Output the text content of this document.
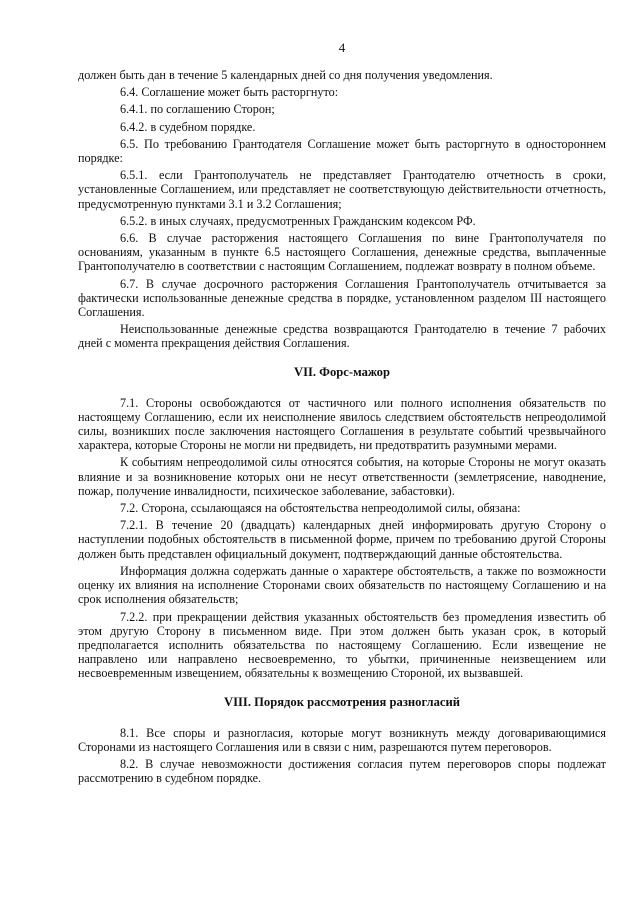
4

должен быть дан в течение 5 календарных дней со дня получения уведомления.

6.4. Соглашение может быть расторгнуто:

6.4.1. по соглашению Сторон;

6.4.2. в судебном порядке.

6.5. По требованию Грантодателя Соглашение может быть расторгнуто в одностороннем порядке:

6.5.1. если Грантополучатель не представляет Грантодателю отчетность в сроки, установленные Соглашением, или представляет не соответствующую действительности отчетность, предусмотренную пунктами 3.1 и 3.2 Соглашения;

6.5.2. в иных случаях, предусмотренных Гражданским кодексом РФ.

6.6. В случае расторжения настоящего Соглашения по вине Грантополучателя по основаниям, указанным в пункте 6.5 настоящего Соглашения, денежные средства, выплаченные Грантополучателю в соответствии с настоящим Соглашением, подлежат возврату в полном объеме.

6.7. В случае досрочного расторжения Соглашения Грантополучатель отчитывается за фактически использованные денежные средства в порядке, установленном разделом III настоящего Соглашения.

Неиспользованные денежные средства возвращаются Грантодателю в течение 7 рабочих дней с момента прекращения действия Соглашения.

VII. Форс-мажор

7.1. Стороны освобождаются от частичного или полного исполнения обязательств по настоящему Соглашению, если их неисполнение явилось следствием обстоятельств непреодолимой силы, возникших после заключения настоящего Соглашения в результате событий чрезвычайного характера, которые Стороны не могли ни предвидеть, ни предотвратить разумными мерами.

К событиям непреодолимой силы относятся события, на которые Стороны не могут оказать влияние и за возникновение которых они не несут ответственности (землетрясение, наводнение, пожар, получение инвалидности, психическое заболевание, забастовки).

7.2. Сторона, ссылающаяся на обстоятельства непреодолимой силы, обязана:

7.2.1. В течение 20 (двадцать) календарных дней информировать другую Сторону о наступлении подобных обстоятельств в письменной форме, причем по требованию другой Стороны должен быть представлен официальный документ, подтверждающий данные обстоятельства.

Информация должна содержать данные о характере обстоятельств, а также по возможности оценку их влияния на исполнение Сторонами своих обязательств по настоящему Соглашению и на срок исполнения обязательств;

7.2.2. при прекращении действия указанных обстоятельств без промедления известить об этом другую Сторону в письменном виде. При этом должен быть указан срок, в который предполагается исполнить обязательства по настоящему Соглашению. Если извещение не направлено или направлено несвоевременно, то убытки, причиненные неизвещением или несвоевременным извещением, обязательны к возмещению Стороной, их вызвавшей.

VIII. Порядок рассмотрения разногласий

8.1. Все споры и разногласия, которые могут возникнуть между договаривающимися Сторонами из настоящего Соглашения или в связи с ним, разрешаются путем переговоров.

8.2. В случае невозможности достижения согласия путем переговоров споры подлежат рассмотрению в судебном порядке.
